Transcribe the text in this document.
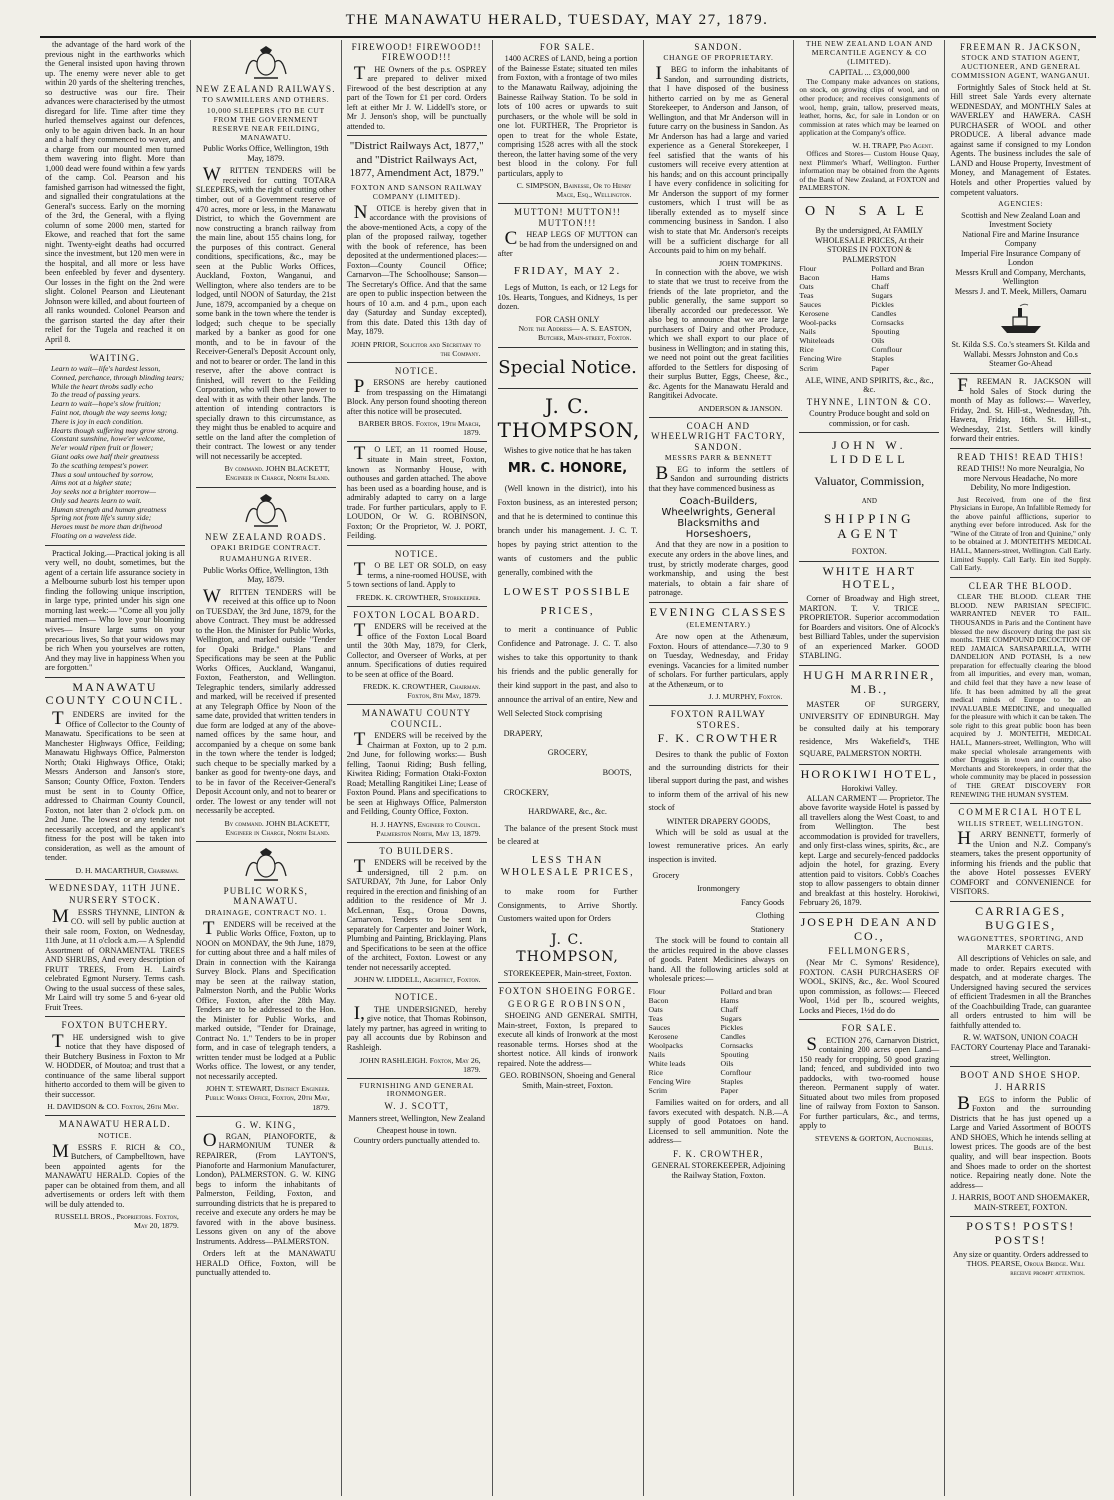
THE MANAWATU HERALD, TUESDAY, MAY 27, 1879.

the advantage of the hard work of the previous night in the earthworks which the General insisted upon having thrown up. The enemy were never able to get within 20 yards of the sheltering trenches, so destructive was our fire. Their advances were characterised by the utmost disregard for life. Time after time they hurled themselves against our defences, only to be again driven back. In an hour and a half they commenced to waver, and a charge from our mounted men turned them wavering into flight. More than 1,000 dead were found within a few yards of the camp. Col. Pearson and his famished garrison had witnessed the fight, and signalled their congratulations at the General's success. Early on the morning of the 3rd, the General, with a flying column of some 2000 men, started for Ekowe, and reached that fort the same night. Twenty-eight deaths had occurred since the investment, but 120 men were in the hospital, and all more or less have been enfeebled by fever and dysentery. Our losses in the fight on the 2nd were slight. Colonel Pearson and Lieutenant Johnson were killed, and about fourteen of all ranks wounded. Colonel Pearson and the garrison started the day after their relief for the Tugela and reached it on April 8.

WAITING.
Learn to wait—life's hardest lesson,
Conned, perchance, through blinding tears;
While the heart throbs sadly echo
To the tread of passing years.
Learn to wait—hope's slow fruition;
Faint not, though the way seems long;
There is joy in each condition.
Hearts though suffering may grow strong.
Constant sunshine, howe'er welcome,
Ne'er would ripen fruit or flower;
Giant oaks owe half their greatness
To the scathing tempest's power.
Thus a soul untouched by sorrow,
Aims not at a higher state;
Joy seeks not a brighter morrow—
Only sad hearts learn to wait.
Human strength and human greatness
Spring not from life's sunny side;
Heroes must be more than driftwood
Floating on a waveless tide.

Practical Joking.—Practical joking is all very well, no doubt, sometimes, but the agent of a certain life assurance society in a Melbourne suburb lost his temper upon finding the following unique inscription, in large type, printed under his sign one morning last week:— "Come all you jolly married men— Who love your blooming wives— Insure large sums on your precarious lives, So that your widows may be rich When you yourselves are rotten, And they may live in happiness When you are forgotten."

MANAWATU COUNTY COUNCIL.

TENDERS are invited for the Office of Collector to the County of Manawatu. Specifications to be seen at Manchester Highways Office, Feilding; Manawatu Highways Office, Palmerston North; Otaki Highways Office, Otaki; Messrs Anderson and Janson's store, Sanson; County Office, Foxton. Tenders must be sent in to County Office, addressed to Chairman County Council, Foxton, not later than 2 o'clock p.m. on 2nd June. The lowest or any tender not necessarily accepted, and the applicant's fitness for the post will be taken into consideration, as well as the amount of tender.

D. H. MACARTHUR, Chairman.
WEDNESDAY, 11TH JUNE.
NURSERY STOCK.

MESSRS THYNNE, LINTON & CO. will sell by public auction at their sale room, Foxton, on Wednesday, 11th June, at 11 o'clock a.m.— A Splendid Assortment of ORNAMENTAL TREES AND SHRUBS, And every description of FRUIT TREES, From H. Laird's celebrated Egmont Nursery. Terms cash. Owing to the usual success of these sales, Mr Laird will try some 5 and 6-year old Fruit Trees.

FOXTON BUTCHERY.

THE undersigned wish to give notice that they have disposed of their Butchery Business in Foxton to Mr W. HODDER, of Moutoa; and trust that a continuance of the same liberal support hitherto accorded to them will be given to their successor.

H. DAVIDSON & CO. Foxton, 26th May.
MANAWATU HERALD.
NOTICE.

MESSRS F. RICH & CO., Butchers, of Campbelltown, have been appointed agents for the MANAWATU HERALD. Copies of the paper can be obtained from them, and all advertisements or orders left with them will be duly attended to.

RUSSELL BROS., Proprietors. Foxton, May 20, 1879.
NEW ZEALAND RAILWAYS.
TO SAWMILLERS AND OTHERS.
10,000 SLEEPERS (TO BE CUT FROM THE GOVERNMENT RESERVE NEAR FEILDING, MANAWATU.
Public Works Office, Wellington, 19th May, 1879.

WRITTEN TENDERS will be received for cutting TOTARA SLEEPERS, with the right of cutting other timber, out of a Government reserve of 470 acres, more or less, in the Manawatu District, to which the Government are now constructing a branch railway from the main line, about 155 chains long, for the purposes of this contract. General conditions, specifications, &c., may be seen at the Public Works Offices, Auckland, Foxton, Wanganui, and Wellington, where also tenders are to be lodged, until NOON of Saturday, the 21st June, 1879, accompanied by a cheque on some bank in the town where the tender is lodged; such cheque to be specially marked by a banker as good for one month, and to be in favour of the Receiver-General's Deposit Account only, and not to bearer or order. The land in this reserve, after the above contract is finished, will revert to the Feilding Corporation, who will then have power to deal with it as with their other lands. The attention of intending contractors is specially drawn to this circumstance, as they might thus be enabled to acquire and settle on the land after the completion of their contract. The lowest or any tender will not necessarily be accepted.

By command. JOHN BLACKETT, Engineer in Charge, North Island.
NEW ZEALAND ROADS.
OPAKI BRIDGE CONTRACT.
RUAMAHUNGA RIVER.
Public Works Office, Wellington, 13th May, 1879.

WRITTEN TENDERS will be received at this office up to Noon on TUESDAY, the 3rd June, 1879, for the above Contract. They must be addressed to the Hon. the Minister for Public Works, Wellington, and marked outside "Tender for Opaki Bridge." Plans and Specifications may be seen at the Public Works Offices, Auckland, Wanganui, Foxton, Featherston, and Wellington. Telegraphic tenders, similarly addressed and marked, will be received if presented at any Telegraph Office by Noon of the same date, provided that written tenders in due form are lodged at any of the above-named offices by the same hour, and accompanied by a cheque on some bank in the town where the tender is lodged; such cheque to be specially marked by a banker as good for twenty-one days, and to be in favor of the Receiver-General's Deposit Account only, and not to bearer or order. The lowest or any tender will not necessarily be accepted.

By command. JOHN BLACKETT, Engineer in Charge, North Island.
PUBLIC WORKS, MANAWATU.
DRAINAGE, CONTRACT NO. 1.

TENDERS will be received at the Public Works Office, Foxton, up to NOON on MONDAY, the 9th June, 1879, for cutting about three and a half miles of Drain in connection with the Kairanga Survey Block. Plans and Specification may be seen at the railway station, Palmerston North, and the Public Works Office, Foxton, after the 28th May. Tenders are to be addressed to the Hon. the Minister for Public Works, and marked outside, "Tender for Drainage, Contract No. 1." Tenders to be in proper form, and in case of telegraph tenders, a written tender must be lodged at a Public Works office. The lowest, or any tender, not necessarily accepted.

JOHN T. STEWART, District Engineer. Public Works Office, Foxton, 20th May, 1879.
G. W. KING,

ORGAN, PIANOFORTE, & HARMONIUM TUNER & REPAIRER, (From LAYTON'S, Pianoforte and Harmonium Manufacturer, London), PALMERSTON. G. W. KING begs to inform the inhabitants of Palmerston, Feilding, Foxton, and surrounding districts that he is prepared to receive and execute any orders he may be favored with in the above business. Lessons given on any of the above Instruments. Address—PALMERSTON.

Orders left at the MANAWATU HERALD Office, Foxton, will be punctually attended to.

FIREWOOD! FIREWOOD!! FIREWOOD!!!

THE Owners of the p.s. OSPREY are prepared to deliver mixed Firewood of the best description at any part of the Town for £1 per cord. Orders left at either Mr J. W. Liddell's store, or Mr J. Jenson's shop, will be punctually attended to.

"District Railways Act, 1877," and "District Railways Act, 1877, Amendment Act, 1879."
FOXTON AND SANSON RAILWAY COMPANY (LIMITED).

NOTICE is hereby given that in accordance with the provisions of the above-mentioned Acts, a copy of the plan of the proposed railway, together with the book of reference, has been deposited at the undermentioned places:— Foxton—County Council Office; Carnarvon—The Schoolhouse; Sanson—The Secretary's Office. And that the same are open to public inspection between the hours of 10 a.m. and 4 p.m., upon each day (Saturday and Sunday excepted), from this date. Dated this 13th day of May, 1879.

JOHN PRIOR, Solicitor and Secretary to the Company.
NOTICE.

PERSONS are hereby cautioned from trespassing on the Himatangi Block. Any person found shooting thereon after this notice will be prosecuted.

BARBER BROS. Foxton, 19th March, 1879.

TO LET, an 11 roomed House, situate in Main street, Foxton, known as Normanby House, with outhouses and garden attached. The above has been used as a boarding house, and is admirably adapted to carry on a large trade. For further particulars, apply to F. LOUDON, Or W. G. ROBINSON, Foxton; Or the Proprietor, W. J. PORT, Feilding.

NOTICE.

TO BE LET OR SOLD, on easy terms, a nine-roomed HOUSE, with 5 town sections of land. Apply to

FREDK. K. CROWTHER, Storekeeper.
FOXTON LOCAL BOARD.

TENDERS will be received at the office of the Foxton Local Board until the 30th May, 1879, for Clerk, Collector, and Overseer of Works, at per annum. Specifications of duties required to be seen at office of the Board.

FREDK. K. CROWTHER, Chairman. Foxton, 8th May, 1879.
MANAWATU COUNTY COUNCIL.

TENDERS will be received by the Chairman at Foxton, up to 2 p.m. 2nd June, for following works:— Bush felling, Taonui Riding; Bush felling, Kiwitea Riding; Formation Otaki-Foxton Road; Metalling Rangitikei Line; Lease of Foxton Pound. Plans and specifications to be seen at Highways Office, Palmerston and Feilding, County Office, Foxton.

H. J. HAYNS, Engineer to Council. Palmerston North, May 13, 1879.
TO BUILDERS.

TENDERS will be received by the undersigned, till 2 p.m. on SATURDAY, 7th June, for Labor Only required in the erection and finishing of an addition to the residence of Mr J. McLennan, Esq., Oroua Downs, Carnarvon. Tenders to be sent in separately for Carpenter and Joiner Work, Plumbing and Painting, Bricklaying. Plans and Specifications to be seen at the office of the architect, Foxton. Lowest or any tender not necessarily accepted.

JOHN W. LIDDELL, Architect, Foxton.
NOTICE.

I,THE UNDERSIGNED, hereby give notice, that Thomas Robinson, lately my partner, has agreed in writing to pay all accounts due by Robinson and Rashleigh.

JOHN RASHLEIGH. Foxton, May 26, 1879.
FURNISHING AND GENERAL IRONMONGER.
W. J. SCOTT,
Manners street, Wellington, New Zealand
Cheapest house in town.
Country orders punctually attended to.
FOR SALE.

1400 ACRES of LAND, being a portion of the Bainesse Estate; situated ten miles from Foxton, with a frontage of two miles to the Manawatu Railway, adjoining the Bainesse Railway Station. To be sold in lots of 100 acres or upwards to suit purchasers, or the whole will be sold in one lot. FURTHER, The Proprietor is open to treat for the whole Estate, comprising 1528 acres with all the stock thereon, the latter having some of the very best blood in the colony. For full particulars, apply to

C. SIMPSON, Bainesse, Or to Henry Mace, Esq., Wellington.
MUTTON! MUTTON!! MUTTON!!!

CHEAP LEGS OF MUTTON can be had from the undersigned on and after

FRIDAY, MAY 2.

Legs of Mutton, 1s each, or 12 Legs for 10s. Hearts, Tongues, and Kidneys, 1s per dozen.

FOR CASH ONLY
Note the Address— A. S. EASTON, Butcher, Main-street, Foxton.
Special Notice.
J. C. THOMPSON,
Wishes to give notice that he has taken
MR. C. HONORE,

(Well known in the district), into his Foxton business, as an interested person; and that he is determined to continue this branch under his management. J. C. T. hopes by paying strict attention to the wants of customers and the public generally, combined with the

LOWEST POSSIBLE
PRICES,

to merit a continuance of Public Confidence and Patronage. J. C. T. also wishes to take this opportunity to thank his friends and the public generally for their kind support in the past, and also to announce the arrival of an entire, New and Well Selected Stock comprising

DRAPERY,
GROCERY,
BOOTS,
CROCKERY,
HARDWARE, &c., &c.

The balance of the present Stock must be cleared at

LESS THAN WHOLESALE PRICES,

to make room for Further Consignments, to Arrive Shortly. Customers waited upon for Orders

J. C. THOMPSON,
STOREKEEPER, Main-street, Foxton.
FOXTON SHOEING FORGE.
GEORGE ROBINSON,

SHOEING AND GENERAL SMITH, Main-street, Foxton, Is prepared to execute all kinds of Ironwork at the most reasonable terms. Horses shod at the shortest notice. All kinds of ironwork repaired. Note the address—

GEO. ROBINSON, Shoeing and General Smith, Main-street, Foxton.
SANDON.
CHANGE OF PROPRIETARY.

IBEG to inform the inhabitants of Sandon, and surrounding districts, that I have disposed of the business hitherto carried on by me as General Storekeeper, to Anderson and Janson, of Wellington, and that Mr Anderson will in future carry on the business in Sandon. As Mr Anderson has had a large and varied experience as a General Storekeeper, I feel satisfied that the wants of his customers will receive every attention at his hands; and on this account principally I have every confidence in soliciting for Mr Anderson the support of my former customers, which I trust will be as liberally extended as to myself since commencing business in Sandon. I also wish to state that Mr. Anderson's receipts will be a sufficient discharge for all Accounts paid to him on my behalf.

JOHN TOMPKINS.

In connection with the above, we wish to state that we trust to receive from the friends of the late proprietor, and the public generally, the same support so liberally accorded our predecessor. We also beg to announce that we are large purchasers of Dairy and other Produce, which we shall export to our place of business in Wellington; and in stating this, we need not point out the great facilities afforded to the Settlers for disposing of their surplus Butter, Eggs, Cheese, &c., &c. Agents for the Manawatu Herald and Rangitikei Advocate.

ANDERSON & JANSON.
COACH AND WHEELWRIGHT FACTORY, SANDON.
MESSRS PARR & BENNETT

BEG to inform the settlers of Sandon and surrounding districts that they have commenced business as

Coach-Builders, Wheelwrights, General Blacksmiths and Horseshoers,

And that they are now in a position to execute any orders in the above lines, and trust, by strictly moderate charges, good workmanship, and using the best materials, to obtain a fair share of patronage.

EVENING CLASSES
(ELEMENTARY.)

Are now open at the Athenæum, Foxton. Hours of attendance—7.30 to 9 on Tuesday, Wednesday, and Friday evenings. Vacancies for a limited number of scholars. For further particulars, apply at the Athenæum, or to

J. J. MURPHY, Foxton.
FOXTON RAILWAY STORES.
F. K. CROWTHER

Desires to thank the public of Foxton and the surrounding districts for their liberal support during the past, and wishes to inform them of the arrival of his new stock of

WINTER DRAPERY GOODS,

Which will be sold as usual at the lowest remunerative prices. An early inspection is invited.

Grocery
Ironmongery
Fancy Goods
Clothing
Stationery

The stock will be found to contain all the articles required in the above classes of goods. Patent Medicines always on hand. All the following articles sold at wholesale prices:—

Flour	Pollard and bran
Bacon	Hams
Oats	Chaff
Teas	Sugars
Sauces	Pickles
Kerosene	Candles
Woolpacks	Cornsacks
Nails	Spouting
White leads	Oils
Rice	Cornflour
Fencing Wire	Staples
Scrim	Paper

Families waited on for orders, and all favors executed with despatch. N.B.—A supply of good Potatoes on hand. Licensed to sell ammunition. Note the address—

F. K. CROWTHER,
GENERAL STOREKEEPER, Adjoining the Railway Station, Foxton.
THE NEW ZEALAND LOAN AND MERCANTILE AGENCY & CO (LIMITED).
CAPITAL ... £3,000,000

The Company make advances on stations, on stock, on growing clips of wool, and on other produce; and receives consignments of wool, hemp, grain, tallow, preserved meats, leather, horns, &c, for sale in London or on commission at rates which may be learned on application at the Company's office.

W. H. TRAPP, Pro Agent.

Offices and Stores— Custom House Quay, next Plimmer's Wharf, Wellington. Further information may be obtained from the Agents of the Bank of New Zealand, at FOXTON and PALMERSTON.

ON SALE
By the undersigned, At FAMILY WHOLESALE PRICES, At their STORES IN FOXTON & PALMERSTON
Flour	Pollard and Bran
Bacon	Hams
Oats	Chaff
Teas	Sugars
Sauces	Pickles
Kerosene	Candles
Wool-packs	Cornsacks
Nails	Spouting
Whiteleads	Oils
Rice	Cornflour
Fencing Wire	Staples
Scrim	Paper
ALE, WINE, AND SPIRITS, &c., &c., &c.
THYNNE, LINTON & CO.
Country Produce bought and sold on commission, or for cash.
JOHN W. LIDDELL
Valuator, Commission,
AND
SHIPPING AGENT
FOXTON.
WHITE HART HOTEL,

Corner of Broadway and High street, MARTON. T. V. TRICE ... PROPRIETOR. Superior accommodation for Boarders and visitors. One of Alcock's best Billiard Tables, under the supervision of an experienced Marker. GOOD STABLING.

HUGH MARRINER, M.B.,

MASTER OF SURGERY, UNIVERSITY OF EDINBURGH. May be consulted daily at his temporary residence, Mrs Wakefield's, THE SQUARE, PALMERSTON NORTH.

HOROKIWI HOTEL,
Horokiwi Valley.

ALLAN CARMENT — Proprietor. The above favorite wayside Hotel is passed by all travellers along the West Coast, to and from Wellington. The best accommodation is provided for travellers, and only first-class wines, spirits, &c., are kept. Large and securely-fenced paddocks adjoin the hotel, for grazing. Every attention paid to visitors. Cobb's Coaches stop to allow passengers to obtain dinner and breakfast at this hostelry. Horokiwi, February 26, 1879.

JOSEPH DEAN AND CO.,
FELLMONGERS,

(Near Mr C. Symons' Residence), FOXTON. CASH PURCHASERS OF WOOL, SKINS, &c., &c. Wool Scoured upon commission, as follows:— Fleeced Wool, 1½d per lb., scoured weights, Locks and Pieces, 1½d do do

FOR SALE.

SECTION 276, Carnarvon District, containing 200 acres open Land—150 ready for cropping, 50 good grazing land; fenced, and subdivided into two paddocks, with two-roomed house thereon. Permanent supply of water. Situated about two miles from proposed line of railway from Foxton to Sanson. For further particulars, &c., and terms, apply to

STEVENS & GORTON, Auctioneers, Bulls.
FREEMAN R. JACKSON,
STOCK AND STATION AGENT, AUCTIONEER, AND GENERAL COMMISSION AGENT, WANGANUI.

Fortnightly Sales of Stock held at St. Hill street Sale Yards every alternate WEDNESDAY, and MONTHLY Sales at WAVERLEY and HAWERA. CASH PURCHASER of WOOL and other PRODUCE. A liberal advance made against same if consigned to my London Agents. The business includes the sale of LAND and House Property, Investment of Money, and Management of Estates. Hotels and other Properties valued by competent valuators.

AGENCIES:
Scottish and New Zealand Loan and Investment Society
National Fire and Marine Insurance Company
Imperial Fire Insurance Company of London
Messrs Krull and Company, Merchants, Wellington
Messrs J. and T. Meek, Millers, Oamaru
St. Kilda S.S. Co.'s steamers St. Kilda and Wallabi. Messrs Johnston and Co.s Steamer Go-Ahead

FREEMAN R. JACKSON will hold Sales of Stock during the month of May as follows:— Waverley, Friday, 2nd. St. Hill-st., Wednesday, 7th. Hawera, Friday, 16th. St. Hill-st., Wednesday, 21st. Settlers will kindly forward their entries.

READ THIS! READ THIS!
READ THIS!! No more Neuralgia, No more Nervous Headache, No more Debility, No more Indigestion.

Just Received, from one of the first Physicians in Europe, An Infallible Remedy for the above painful afflictions, superior to anything ever before introduced. Ask for the "Wine of the Citrate of Iron and Quinine," only to be obtained at J. MONTEITH'S MEDICAL HALL, Manners-street, Wellington. Call Early. Limited Supply. Call Early. Ein ited Supply. Call Early.

CLEAR THE BLOOD.

CLEAR THE BLOOD. CLEAR THE BLOOD. NEW PARISIAN SPECIFIC. WARRANTED NEVER TO FAIL. THOUSANDS in Paris and the Continent have blessed the new discovery during the past six months. THE COMPOUND DECOCTION OF RED JAMAICA SARSAPARILLA, WITH DANDELION AND POTASH, Is a new preparation for effectually clearing the blood from all impurities, and every man, woman, and child feel that they have a new lease of life. It has been admitted by all the great medical minds of Europe to be an INVALUABLE MEDICINE, and unequalled for the pleasure with which it can be taken. The sole right to this great public boon has been acquired by J. MONTEITH, MEDICAL HALL, Manners-street, Wellington, Who will make special wholesale arrangements with other Druggists in town and country, also Merchants and Storekeepers, in order that the whole community may be placed in possession of THE GREAT DISCOVERY FOR RENEWING THE HUMAN SYSTEM.

COMMERCIAL HOTEL
WILLIS STREET, WELLINGTON.

HARRY BENNETT, formerly of the Union and N.Z. Company's steamers, takes the present opportunity of informing his friends and the public that the above Hotel possesses EVERY COMFORT and CONVENIENCE for VISITORS.

CARRIAGES, BUGGIES,
WAGONETTES, SPORTING, AND MARKET CARTS.

All descriptions of Vehicles on sale, and made to order. Repairs executed with despatch, and at moderate charges. The Undersigned having secured the services of efficient Tradesmen in all the Branches of the Coachbuilding Trade, can guarantee all orders entrusted to him will be faithfully attended to.

R. W. WATSON, UNION COACH FACTORY Courtenay Place and Taranaki-street, Wellington.
BOOT AND SHOE SHOP.
J. HARRIS

BEGS to inform the Public of Foxton and the surrounding Districts that he has just opened up a Large and Varied Assortment of BOOTS AND SHOES, Which he intends selling at lowest prices. The goods are of the best quality, and will bear inspection. Boots and Shoes made to order on the shortest notice. Repairing neatly done. Note the address—

J. HARRIS, BOOT AND SHOEMAKER, MAIN-STREET, FOXTON.
POSTS! POSTS! POSTS!
Any size or quantity. Orders addressed to
THOS. PEARSE, Oroua Bridge. Will receive prompt attention.
